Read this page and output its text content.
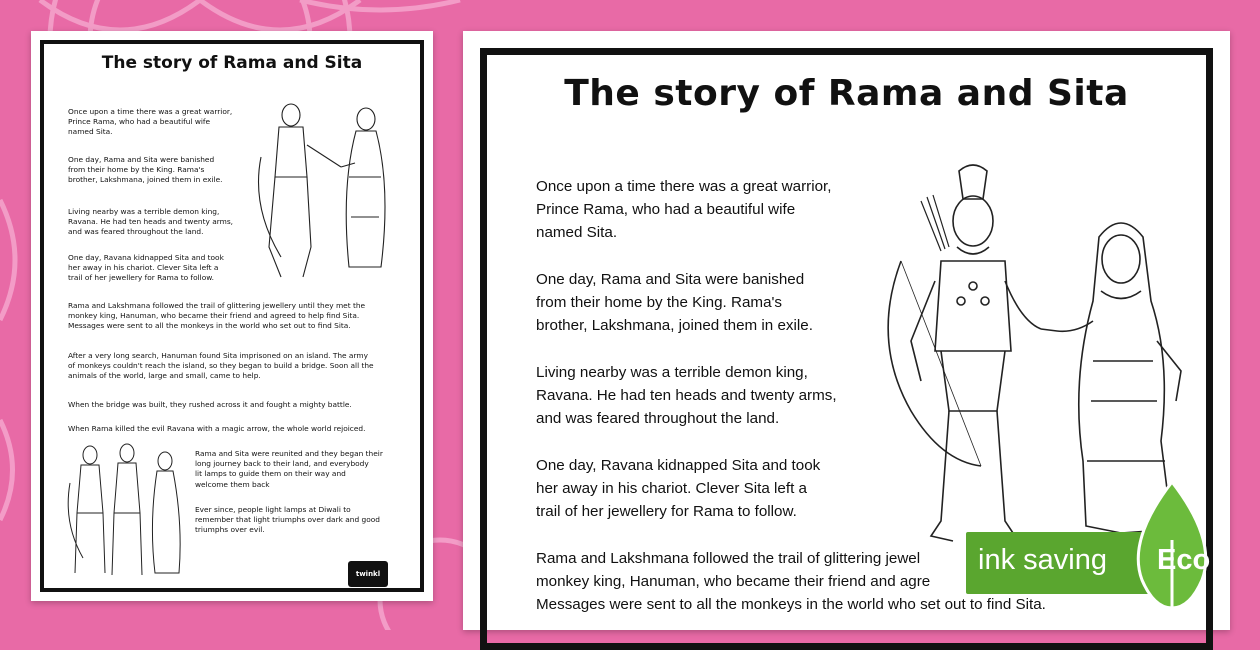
The story of Rama and Sita

Once upon a time there was a great warrior,
Prince Rama, who had a beautiful wife
named Sita.

One day, Rama and Sita were banished
from their home by the King. Rama's
brother, Lakshmana, joined them in exile.

Living nearby was a terrible demon king,
Ravana. He had ten heads and twenty arms,
and was feared throughout the land.

One day, Ravana kidnapped Sita and took
her away in his chariot. Clever Sita left a
trail of her jewellery for Rama to follow.

Rama and Lakshmana followed the trail of glittering jewellery until they met the
monkey king, Hanuman, who became their friend and agreed to help find Sita.
Messages were sent to all the monkeys in the world who set out to find Sita.

After a very long search, Hanuman found Sita imprisoned on an island. The army
of monkeys couldn't reach the island, so they began to build a bridge. Soon all the
animals of the world, large and small, came to help.

When the bridge was built, they rushed across it and fought a mighty battle.

When Rama killed the evil Ravana with a magic arrow, the whole world rejoiced.

Rama and Sita were reunited and they began their
long journey back to their land, and everybody
lit lamps to guide them on their way and
welcome them back

Ever since, people light lamps at Diwali to
remember that light triumphs over dark and good
triumphs over evil.

twinkl
The story of Rama and Sita

Once upon a time there was a great warrior,
Prince Rama, who had a beautiful wife
named Sita.

One day, Rama and Sita were banished
from their home by the King. Rama's
brother, Lakshmana, joined them in exile.

Living nearby was a terrible demon king,
Ravana. He had ten heads and twenty arms,
and was feared throughout the land.

One day, Ravana kidnapped Sita and took
her away in his chariot. Clever Sita left a
trail of her jewellery for Rama to follow.

Rama and Lakshmana followed the trail of glittering jewel
monkey king, Hanuman, who became their friend and agre
Messages were sent to all the monkeys in the world who set out to find Sita.

ink saving Eco
